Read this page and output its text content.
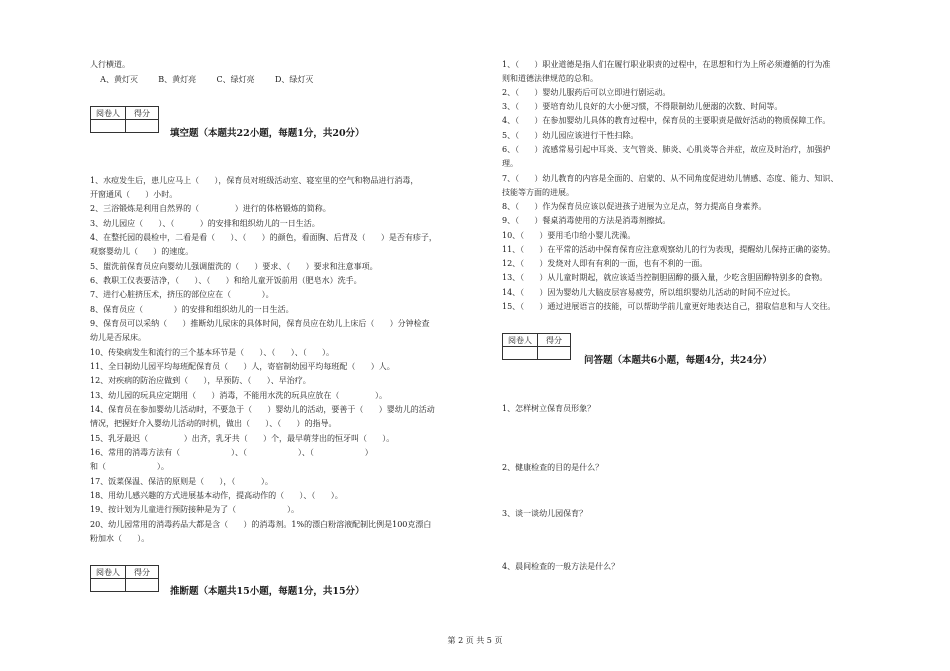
人行横道。
A、黄灯灭        B、黄灯亮        C、绿灯亮        D、绿灯灭
阅卷人	得分

填空题（本题共22小题，每题1分，共20分）
1、水痘发生后，患儿应马上（      ），保育员对班级活动室、寝室里的空气和物品进行消毒，
开窗通风（      ）小时。
2、三浴锻炼是利用自然界的（              ）进行的体格锻炼的简称。
3、幼儿园应（      ）、（          ）的安排和组织幼儿的一日生活。
4、在整托园的晨检中，二看是看（      ）、（      ）的颜色，看面胸、后背及（      ）是否有疹子，
观察婴幼儿（      ）的速度。
5、盥洗前保育员应向婴幼儿强调盥洗的（      ）要求、（      ）要求和注意事项。
6、教职工仪表要洁净，（      ）、（      ）和给儿童开饭前用（肥皂水）洗手。
7、进行心脏挤压术，挤压的部位应在（            ）。
8、保育员应（            ）的安排和组织幼儿的一日生活。
9、保育员可以采纳（      ）推断幼儿尿床的具体时间，保育员应在幼儿上床后（      ）分钟检查
幼儿是否尿床。
10、传染病发生和流行的三个基本环节是（      ）、（      ）、（      ）。
11、全日制幼儿园平均每班配保育员（      ）人，寄宿制幼园平均每班配（      ）人。
12、对疾病的防治应做到（      ），早预防、（      ）、早治疗。
13、幼儿园的玩具应定期用（      ）消毒，不能用水洗的玩具应放在（              ）。
14、保育员在参加婴幼儿活动时，不要急于（      ）婴幼儿的活动，要善于（      ）婴幼儿的活动
情况，把握好介入婴幼儿活动的时机，做出（      ）、（      ）的指导。
15、乳牙最迟（              ）出齐，乳牙共（      ）个，最早萌芽出的恒牙叫（      ）。
16、常用的消毒方法有（                    ）、（                    ）、（                    ）
和（                    ）。
17、饭菜保温、保洁的原则是（      ），（          ）。
18、用幼儿感兴趣的方式进展基本动作，提高动作的（      ）、（      ）。
19、按计划为儿童进行预防接种是为了（                    ）。
20、幼儿园常用的消毒药品大都是含（      ）的消毒剂。1%的漂白粉溶液配制比例是100克漂白
粉加水（      ）。
阅卷人	得分

推断题（本题共15小题，每题1分，共15分）
1、（      ）职业道德是指人们在履行职业职责的过程中，在思想和行为上所必须遵循的行为准
则和道德法律规范的总和。
2、（      ）婴幼儿服药后可以立即进行剧运动。
3、（      ）要培育幼儿良好的大小便习惯，不得限制幼儿便溺的次数、时间等。
4、（      ）在参加婴幼儿具体的教育过程中，保育员的主要职责是做好活动的物质保障工作。
5、（      ）幼儿园应该进行干性扫除。
6、（      ）流感常易引起中耳炎、支气管炎、肺炎、心肌炎等合并症，故应及时治疗，加强护
理。
7、（      ）幼儿教育的内容是全面的、启蒙的、从不同角度促进幼儿情感、态度、能力、知识、
技能等方面的进展。
8、（      ）作为保育员应该以促进孩子进展为立足点，努力提高自身素养。
9、（      ）餐桌消毒使用的方法是消毒剂擦拭。
10、（      ）要用毛巾给小婴儿洗澡。
11、（      ）在平常的活动中保育保育应注意观察幼儿的行为表现，提醒幼儿保持正确的姿势。
12、（      ）发烧对人即有有利的一面，也有不利的一面。
13、（      ）从儿童时期起，就应该适当控制胆固醇的摄入量，少吃含胆固醇特别多的食物。
14、（      ）因为婴幼儿大脑皮层容易疲劳，所以组织婴幼儿活动的时间不应过长。
15、（      ）通过进展语言的技能，可以帮助学前儿童更好地表达自己，猎取信息和与人交往。
阅卷人	得分

问答题（本题共6小题，每题4分，共24分）
1、怎样树立保育员形象？
2、健康检查的目的是什么？
3、谈一谈幼儿园保育？
4、晨间检查的一般方法是什么？
第 2 页 共 5 页
